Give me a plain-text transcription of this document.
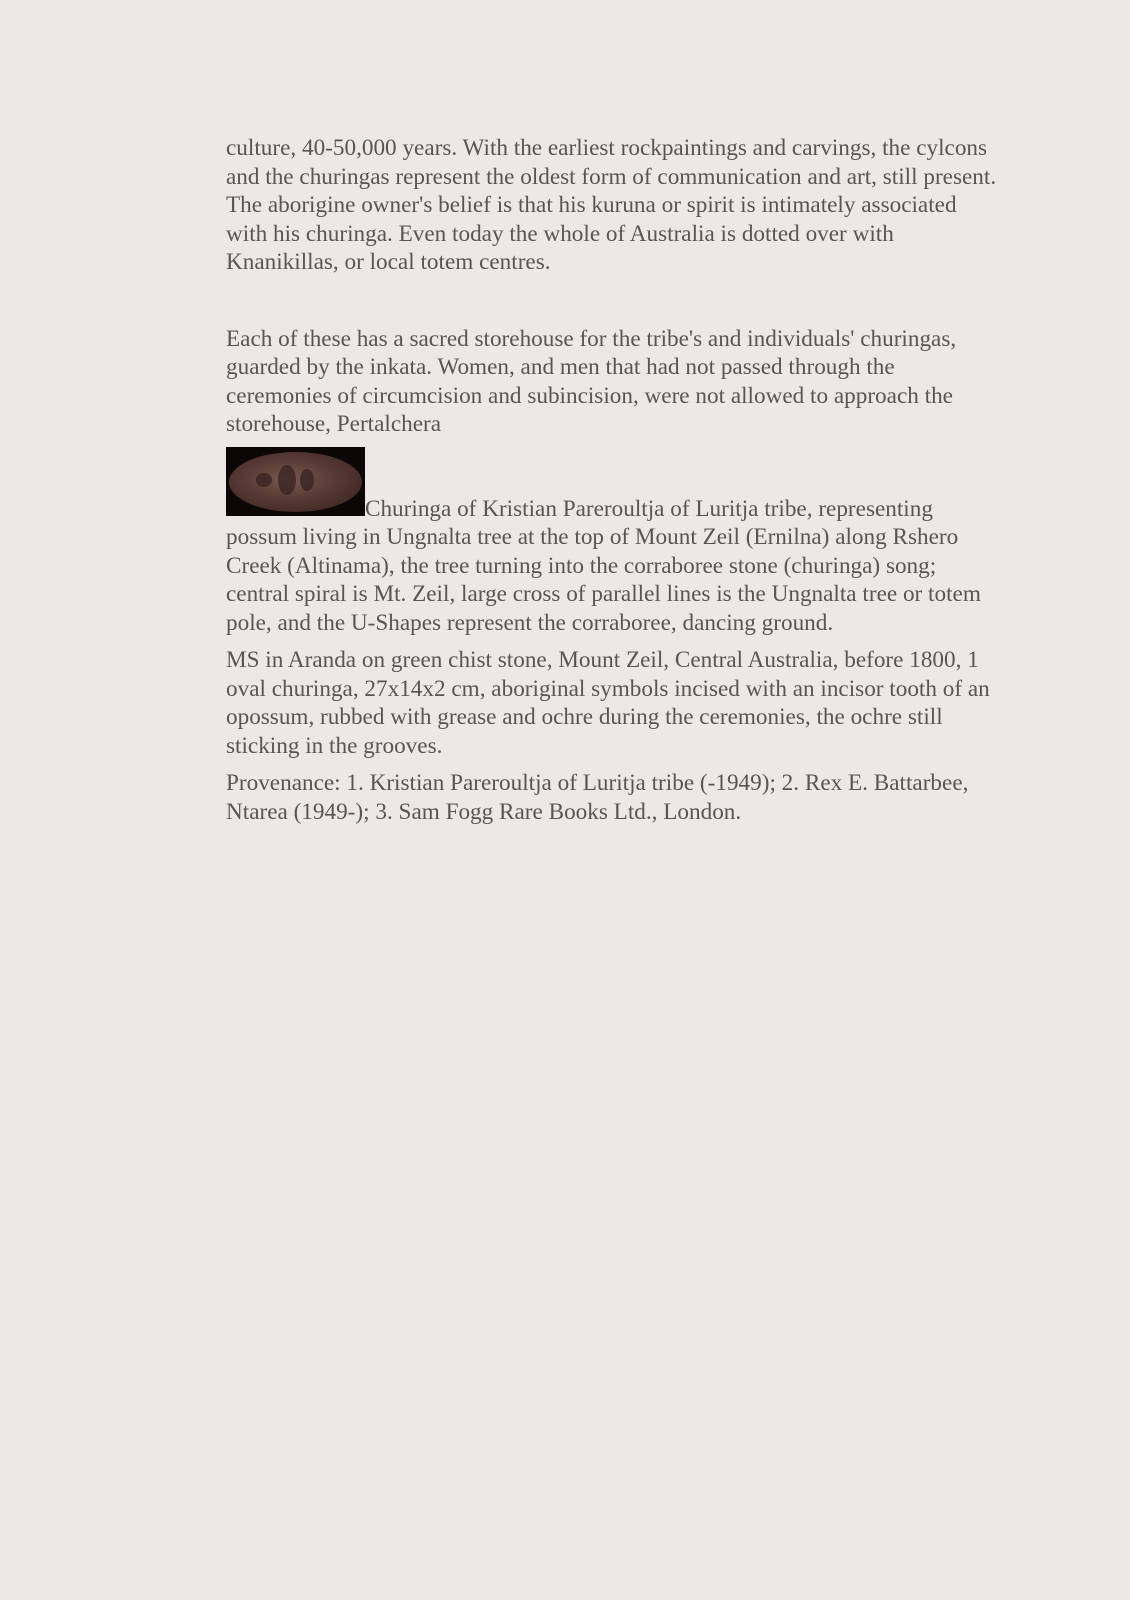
culture, 40-50,000 years. With the earliest rockpaintings and carvings, the cylcons and the churingas represent the oldest form of communication and art, still present. The aborigine owner's belief is that his kuruna or spirit is intimately associated with his churinga. Even today the whole of Australia is dotted over with Knanikillas, or local totem centres.

Each of these has a sacred storehouse for the tribe's and individuals' churingas, guarded by the inkata. Women, and men that had not passed through the ceremonies of circumcision and subincision, were not allowed to approach the storehouse, Pertalchera

Churinga of Kristian Pareroultja of Luritja tribe, representing possum living in Ungnalta tree at the top of Mount Zeil (Ernilna) along Rshero Creek (Altinama), the tree turning into the corraboree stone (churinga) song; central spiral is Mt. Zeil, large cross of parallel lines is the Ungnalta tree or totem pole, and the U-Shapes represent the corraboree, dancing ground.

MS in Aranda on green chist stone, Mount Zeil, Central Australia, before 1800, 1 oval churinga, 27x14x2 cm, aboriginal symbols incised with an incisor tooth of an opossum, rubbed with grease and ochre during the ceremonies, the ochre still sticking in the grooves.

Provenance: 1. Kristian Pareroultja of Luritja tribe (-1949); 2. Rex E. Battarbee, Ntarea (1949-); 3. Sam Fogg Rare Books Ltd., London.
